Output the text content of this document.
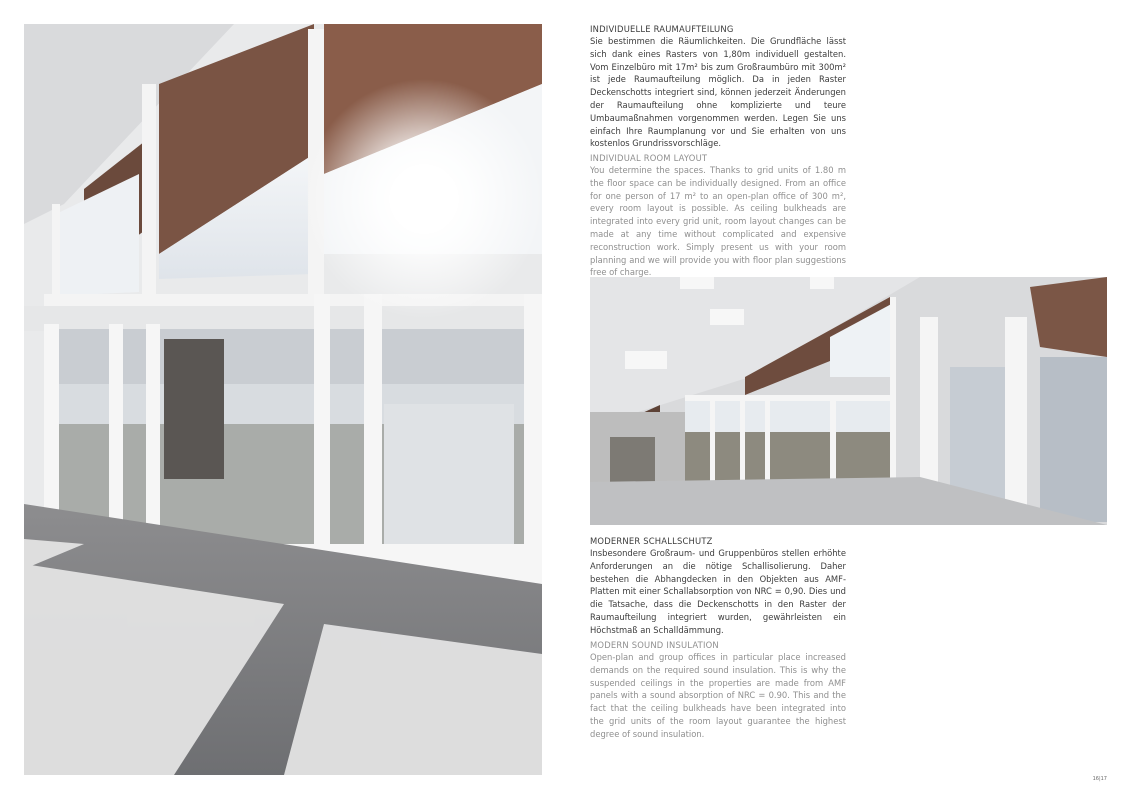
INDIVIDUELLE RAUMAUFTEILUNG

Sie bestimmen die Räumlichkeiten. Die Grundfläche lässt sich dank eines Rasters von 1,80m individuell gestalten. Vom Einzelbüro mit 17m² bis zum Großraumbüro mit 300m² ist jede Raumaufteilung möglich. Da in jeden Raster Deckenschotts integriert sind, können jederzeit Änderungen der Raumaufteilung ohne komplizierte und teure Umbaumaßnahmen vorgenommen werden. Legen Sie uns einfach Ihre Raumplanung vor und Sie erhalten von uns kostenlos Grundrissvorschläge.

INDIVIDUAL ROOM LAYOUT

You determine the spaces. Thanks to grid units of 1.80 m the floor space can be individually designed. From an office for one person of 17 m² to an open-plan office of 300 m², every room layout is possible. As ceiling bulkheads are integrated into every grid unit, room layout changes can be made at any time without complicated and expensive reconstruction work. Simply present us with your room planning and we will provide you with floor plan suggestions free of charge.

MODERNER SCHALLSCHUTZ

Insbesondere Großraum- und Gruppenbüros stellen erhöhte Anforderungen an die nötige Schallisolierung. Daher bestehen die Abhangdecken in den Objekten aus AMF-Platten mit einer Schallabsorption von NRC = 0,90. Dies und die Tatsache, dass die Deckenschotts in den Raster der Raumaufteilung integriert wurden, gewährleisten ein Höchstmaß an Schalldämmung.

MODERN SOUND INSULATION

Open-plan and group offices in particular place increased demands on the required sound insulation. This is why the suspended ceilings in the properties are made from AMF panels with a sound absorption of NRC = 0.90. This and the fact that the ceiling bulkheads have been integrated into the grid units of the room layout guarantee the highest degree of sound insulation.

16|17
